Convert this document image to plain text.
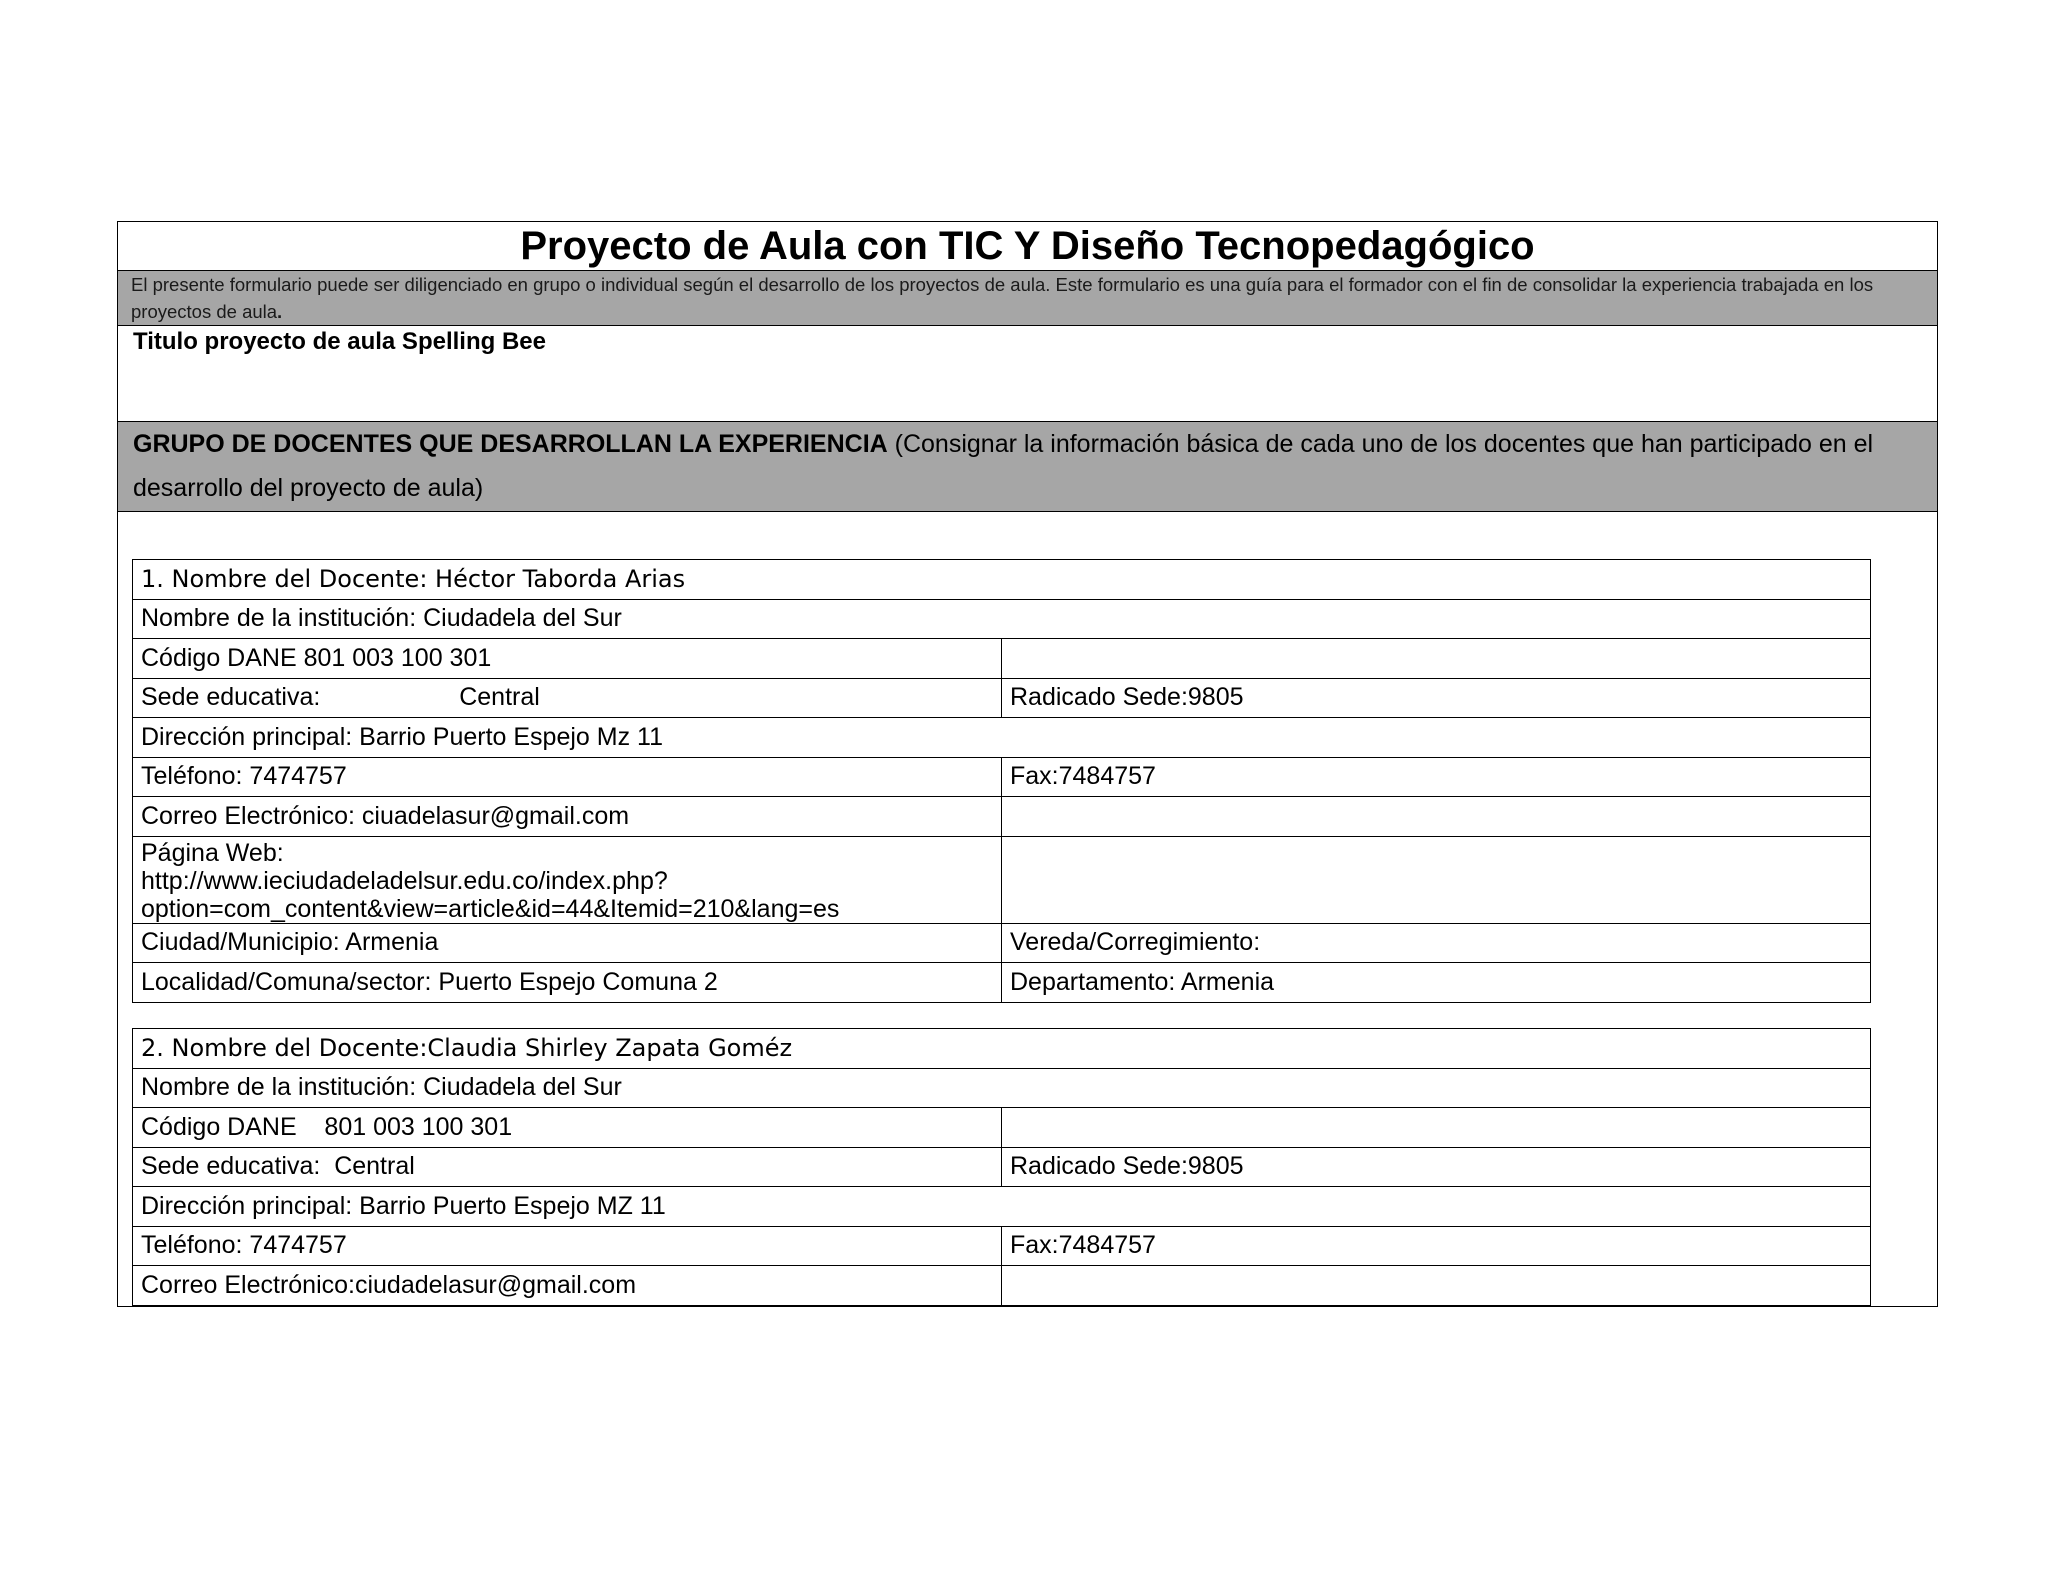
Proyecto de Aula con TIC Y Diseño Tecnopedagógico
El presente formulario puede ser diligenciado en grupo o individual según el desarrollo de los proyectos de aula. Este formulario es una guía para el formador con el fin de consolidar la experiencia trabajada en los proyectos de aula.
Titulo proyecto de aula Spelling Bee
GRUPO DE DOCENTES QUE DESARROLLAN LA EXPERIENCIA (Consignar la información básica de cada uno de los docentes que han participado en el desarrollo del proyecto de aula)
1. Nombre del Docente: Héctor Taborda Arias	
Nombre de la institución: Ciudadela del Sur	
Código DANE 801 003 100 301	
Sede educativa:                    Central	Radicado Sede:9805
Dirección principal: Barrio Puerto Espejo Mz 11	
Teléfono: 7474757	Fax:7484757
Correo Electrónico: ciuadelasur@gmail.com	
Página Web:
http://www.ieciudadeladelsur.edu.co/index.php?option=com_content&view=article&id=44&Itemid=210&lang=es	
Ciudad/Municipio: Armenia	Vereda/Corregimiento:
Localidad/Comuna/sector: Puerto Espejo Comuna 2	Departamento: Armenia
2. Nombre del Docente:Claudia Shirley Zapata Goméz	
Nombre de la institución: Ciudadela del Sur	
Código DANE    801 003 100 301	
Sede educativa:  Central	Radicado Sede:9805
Dirección principal: Barrio Puerto Espejo MZ 11	
Teléfono: 7474757	Fax:7484757
Correo Electrónico:ciudadelasur@gmail.com	
